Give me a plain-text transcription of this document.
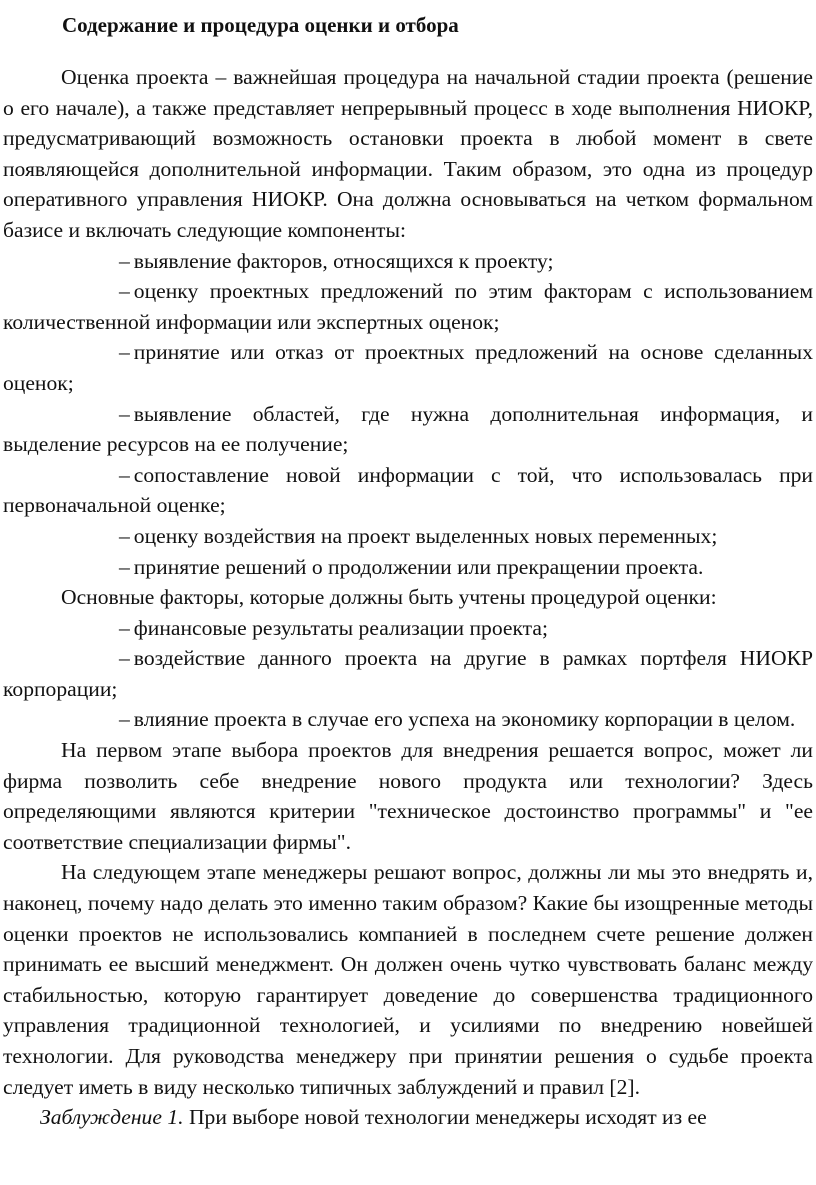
Содержание и процедура оценки и отбора

Оценка проекта – важнейшая процедура на начальной стадии проекта (решение о его начале), а также представляет непрерывный процесс в ходе выполнения НИОКР, предусматривающий возможность остановки проекта в любой момент в свете появляющейся дополнительной информации. Таким образом, это одна из процедур оперативного управления НИОКР. Она должна основываться на четком формальном базисе и включать следующие компоненты:

– выявление факторов, относящихся к проекту;

– оценку проектных предложений по этим факторам с использованием количественной информации или экспертных оценок;

– принятие или отказ от проектных предложений на основе сделанных оценок;

– выявление областей, где нужна дополнительная информация, и выделение ресурсов на ее получение;

– сопоставление новой информации с той, что использовалась при первоначальной оценке;

– оценку воздействия на проект выделенных новых переменных;

– принятие решений о продолжении или прекращении проекта.

Основные факторы, которые должны быть учтены процедурой оценки:

– финансовые результаты реализации проекта;

– воздействие данного проекта на другие в рамках портфеля НИОКР корпорации;

– влияние проекта в случае его успеха на экономику корпорации в целом.

На первом этапе выбора проектов для внедрения решается вопрос, может ли фирма позволить себе внедрение нового продукта или технологии? Здесь определяющими являются критерии "техническое достоинство программы" и "ее соответствие специализации фирмы".

На следующем этапе менеджеры решают вопрос, должны ли мы это внедрять и, наконец, почему надо делать это именно таким образом? Какие бы изощренные методы оценки проектов не использовались компанией в последнем счете решение должен принимать ее высший менеджмент. Он должен очень чутко чувствовать баланс между стабильностью, которую гарантирует доведение до совершенства традиционного управления традиционной технологией, и усилиями по внедрению новейшей технологии. Для руководства менеджеру при принятии решения о судьбе проекта следует иметь в виду несколько типичных заблуждений и правил [2].

Заблуждение 1. При выборе новой технологии менеджеры исходят из ее
